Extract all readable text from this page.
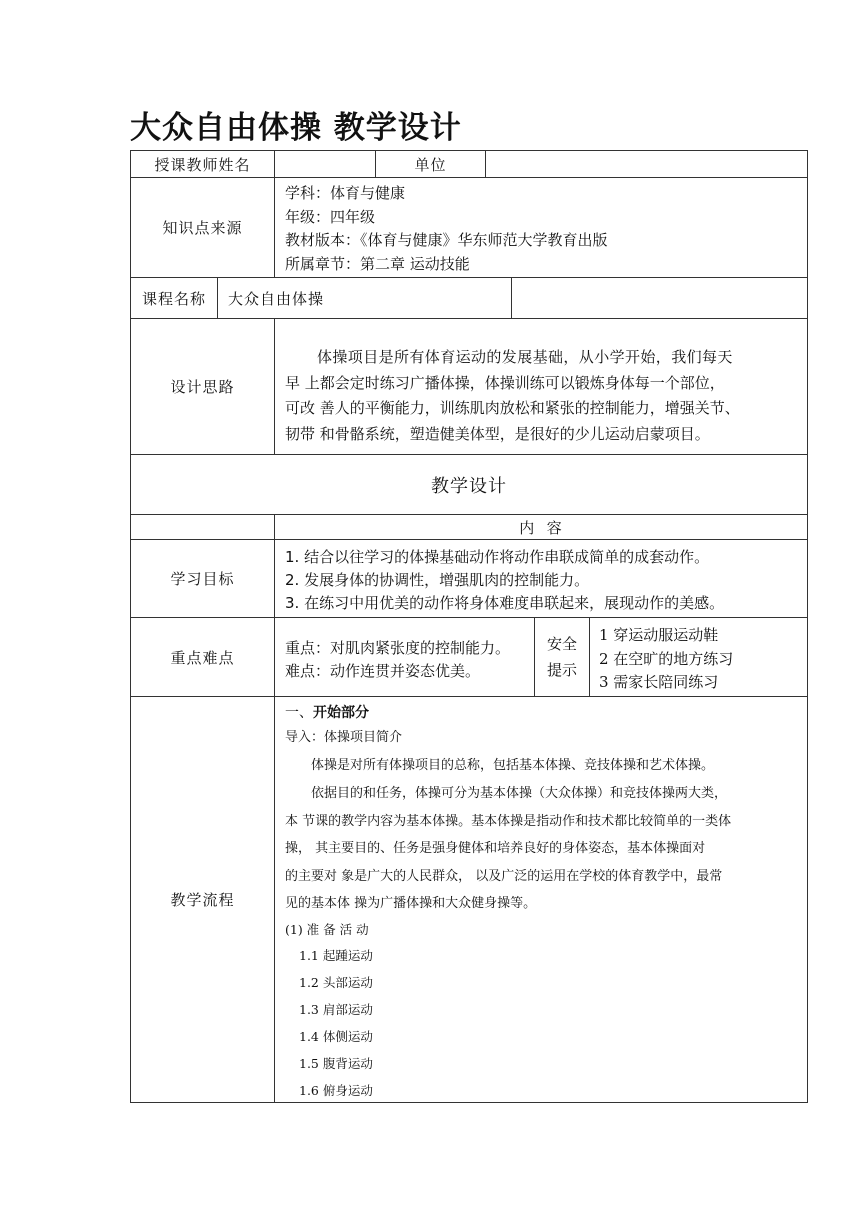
大众自由体操 教学设计
授课教师姓名	单位
知识点来源
学科：体育与健康
年级：四年级
教材版本：《体育与健康》华东师范大学教育出版
所属章节：第二章 运动技能
课程名称	大众自由体操
设计思路
体操项目是所有体育运动的发展基础，从小学开始，我们每天
早 上都会定时练习广播体操，体操训练可以锻炼身体每一个部位，
可改 善人的平衡能力，训练肌肉放松和紧张的控制能力，增强关节、
韧带 和骨骼系统，塑造健美体型，是很好的少儿运动启蒙项目。
教学设计
内  容
学习目标
1. 结合以往学习的体操基础动作将动作串联成简单的成套动作。
2. 发展身体的协调性，增强肌肉的控制能力。
3. 在练习中用优美的动作将身体难度串联起来，展现动作的美感。
重点难点
重点：对肌肉紧张度的控制能力。
难点：动作连贯并姿态优美。
安全
提示
1 穿运动服运动鞋
2 在空旷的地方练习
3 需家长陪同练习
教学流程
一、开始部分
导入：体操项目简介
体操是对所有体操项目的总称，包括基本体操、竞技体操和艺术体操。
依据目的和任务，体操可分为基本体操（大众体操）和竞技体操两大类，
本 节课的教学内容为基本体操。基本体操是指动作和技术都比较简单的一类体
操， 其主要目的、任务是强身健体和培养良好的身体姿态，基本体操面对
的主要对 象是广大的人民群众， 以及广泛的运用在学校的体育教学中，最常
见的基本体 操为广播体操和大众健身操等。
(1) 准 备 活 动
1.1 起踵运动
1.2 头部运动
1.3 肩部运动
1.4 体侧运动
1.5 腹背运动
1.6 俯身运动
